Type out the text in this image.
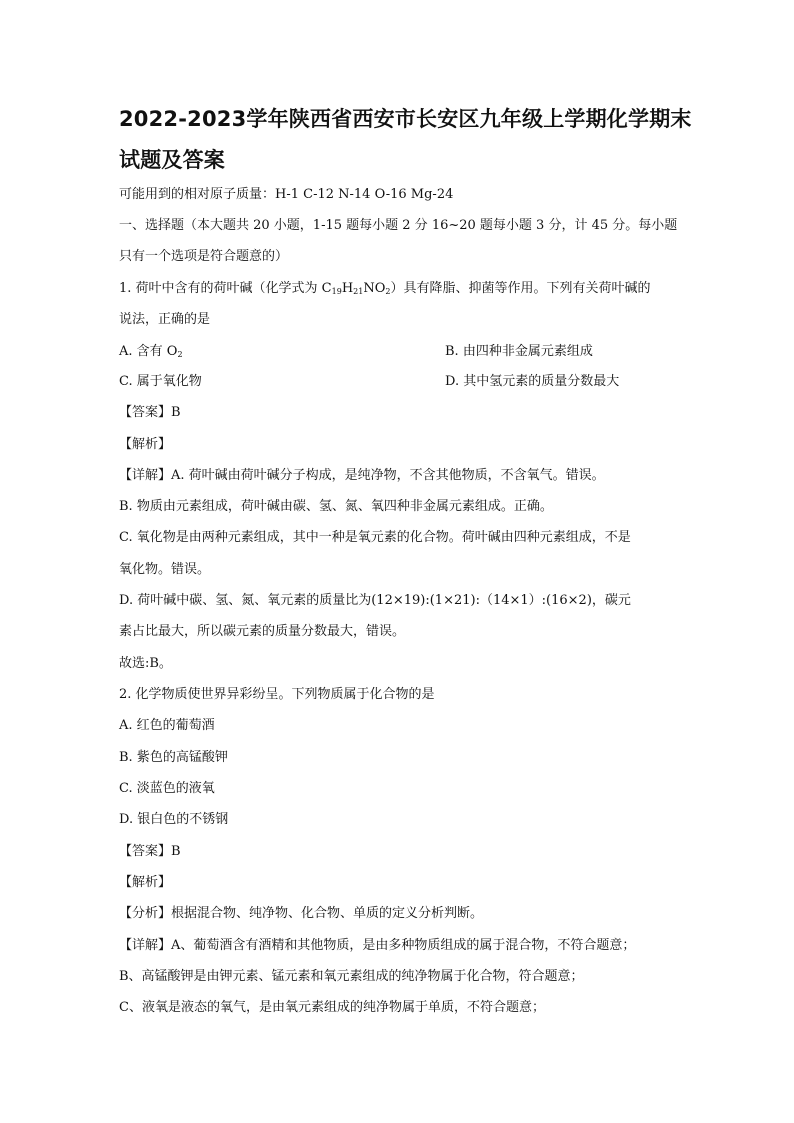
2022-2023学年陕西省西安市长安区九年级上学期化学期末
试题及答案
可能用到的相对原子质量：H-1 C-12 N-14 O-16 Mg-24
一、选择题（本大题共 20 小题，1-15 题每小题 2 分 16~20 题每小题 3 分，计 45 分。每小题
只有一个选项是符合题意的）
1. 荷叶中含有的荷叶碱（化学式为 $C_{19}H_{21}NO_2$）具有降脂、抑菌等作用。下列有关荷叶碱的
说法，正确的是
A. 含有 $O_2$	B. 由四种非金属元素组成
C. 属于氧化物	D. 其中氢元素的质量分数最大
【答案】B
【解析】
【详解】A. 荷叶碱由荷叶碱分子构成，是纯净物，不含其他物质，不含氧气。错误。
B. 物质由元素组成，荷叶碱由碳、氢、氮、氧四种非金属元素组成。正确。
C. 氧化物是由两种元素组成，其中一种是氧元素的化合物。荷叶碱由四种元素组成，不是
氧化物。错误。
D. 荷叶碱中碳、氢、氮、氧元素的质量比为(12×19):(1×21):（14×1）:(16×2)，碳元
素占比最大，所以碳元素的质量分数最大，错误。
故选:B。
2. 化学物质使世界异彩纷呈。下列物质属于化合物的是
A. 红色的葡萄酒
B. 紫色的高锰酸钾
C. 淡蓝色的液氧
D. 银白色的不锈钢
【答案】B
【解析】
【分析】根据混合物、纯净物、化合物、单质的定义分析判断。
【详解】A、葡萄酒含有酒精和其他物质，是由多种物质组成的属于混合物，不符合题意；
B、高锰酸钾是由钾元素、锰元素和氧元素组成的纯净物属于化合物，符合题意；
C、液氧是液态的氧气，是由氧元素组成的纯净物属于单质，不符合题意；
